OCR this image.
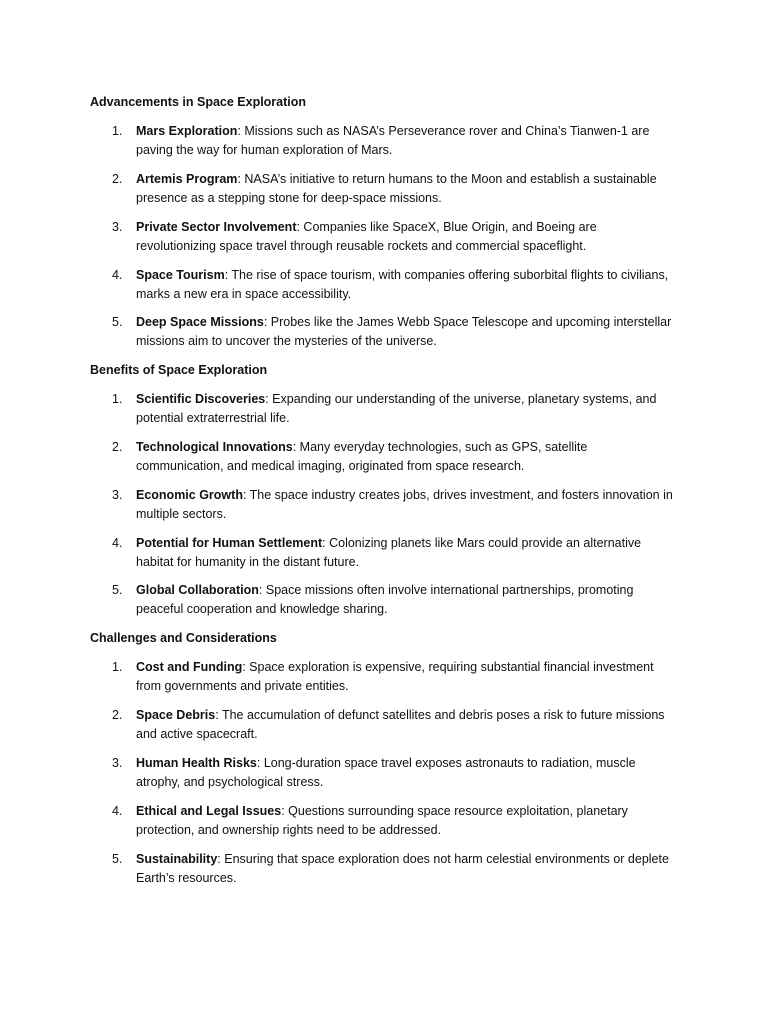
Advancements in Space Exploration
1. Mars Exploration: Missions such as NASA’s Perseverance rover and China’s Tianwen-1 are paving the way for human exploration of Mars.
2. Artemis Program: NASA’s initiative to return humans to the Moon and establish a sustainable presence as a stepping stone for deep-space missions.
3. Private Sector Involvement: Companies like SpaceX, Blue Origin, and Boeing are revolutionizing space travel through reusable rockets and commercial spaceflight.
4. Space Tourism: The rise of space tourism, with companies offering suborbital flights to civilians, marks a new era in space accessibility.
5. Deep Space Missions: Probes like the James Webb Space Telescope and upcoming interstellar missions aim to uncover the mysteries of the universe.
Benefits of Space Exploration
1. Scientific Discoveries: Expanding our understanding of the universe, planetary systems, and potential extraterrestrial life.
2. Technological Innovations: Many everyday technologies, such as GPS, satellite communication, and medical imaging, originated from space research.
3. Economic Growth: The space industry creates jobs, drives investment, and fosters innovation in multiple sectors.
4. Potential for Human Settlement: Colonizing planets like Mars could provide an alternative habitat for humanity in the distant future.
5. Global Collaboration: Space missions often involve international partnerships, promoting peaceful cooperation and knowledge sharing.
Challenges and Considerations
1. Cost and Funding: Space exploration is expensive, requiring substantial financial investment from governments and private entities.
2. Space Debris: The accumulation of defunct satellites and debris poses a risk to future missions and active spacecraft.
3. Human Health Risks: Long-duration space travel exposes astronauts to radiation, muscle atrophy, and psychological stress.
4. Ethical and Legal Issues: Questions surrounding space resource exploitation, planetary protection, and ownership rights need to be addressed.
5. Sustainability: Ensuring that space exploration does not harm celestial environments or deplete Earth’s resources.
